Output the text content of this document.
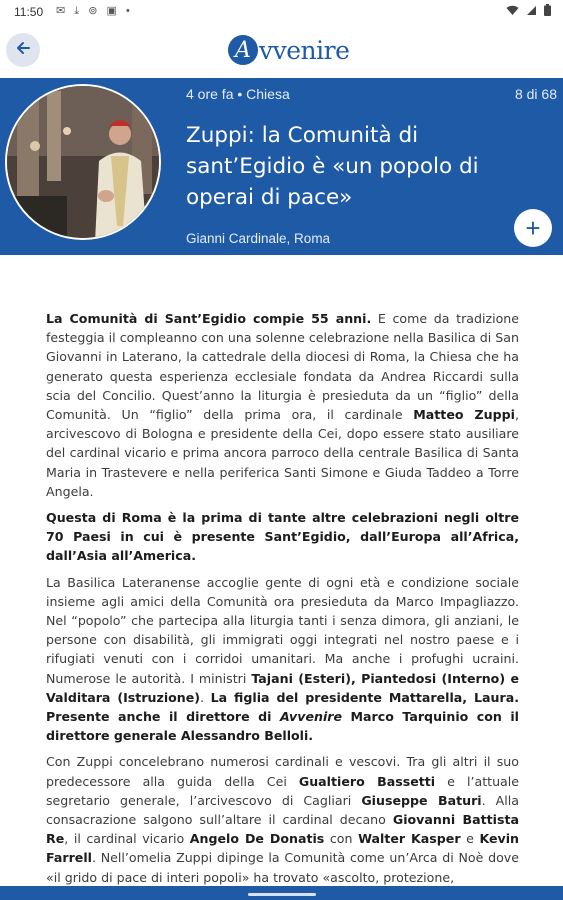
11:50 ✉ ⤓ ⊚ ▣ •

A vvenire
4 ore fa • Chiesa	8 di 68
Zuppi: la Comunità di sant’Egidio è «un popolo di operai di pace»
Gianni Cardinale, Roma	+

La Comunità di Sant’Egidio compie 55 anni. E come da tradizione festeggia il compleanno con una solenne celebrazione nella Basilica di San Giovanni in Laterano, la cattedrale della diocesi di Roma, la Chiesa che ha generato questa esperienza ecclesiale fondata da Andrea Riccardi sulla scia del Concilio. Quest’anno la liturgia è presieduta da un “figlio” della Comunità. Un “figlio” della prima ora, il cardinale Matteo Zuppi, arcivescovo di Bologna e presidente della Cei, dopo essere stato ausiliare del cardinal vicario e prima ancora parroco della centrale Basilica di Santa Maria in Trastevere e nella periferica Santi Simone e Giuda Taddeo a Torre Angela.

Questa di Roma è la prima di tante altre celebrazioni negli oltre 70 Paesi in cui è presente Sant’Egidio, dall’Europa all’Africa, dall’Asia all’America.

La Basilica Lateranense accoglie gente di ogni età e condizione sociale insieme agli amici della Comunità ora presieduta da Marco Impagliazzo. Nel “popolo” che partecipa alla liturgia tanti i senza dimora, gli anziani, le persone con disabilità, gli immigrati oggi integrati nel nostro paese e i rifugiati venuti con i corridoi umanitari. Ma anche i profughi ucraini. Numerose le autorità. I ministri Tajani (Esteri), Piantedosi (Interno) e Valditara (Istruzione). La figlia del presidente Mattarella, Laura. Presente anche il direttore di Avvenire Marco Tarquinio con il direttore generale Alessandro Belloli.

Con Zuppi concelebrano numerosi cardinali e vescovi. Tra gli altri il suo predecessore alla guida della Cei Gualtiero Bassetti e l’attuale segretario generale, l’arcivescovo di Cagliari Giuseppe Baturi. Alla consacrazione salgono sull’altare il cardinal decano Giovanni Battista Re, il cardinal vicario Angelo De Donatis con Walter Kasper e Kevin Farrell. Nell’omelia Zuppi dipinge la Comunità come un’Arca di Noè dove «il grido di pace di interi popoli» ha trovato «ascolto, protezione,
